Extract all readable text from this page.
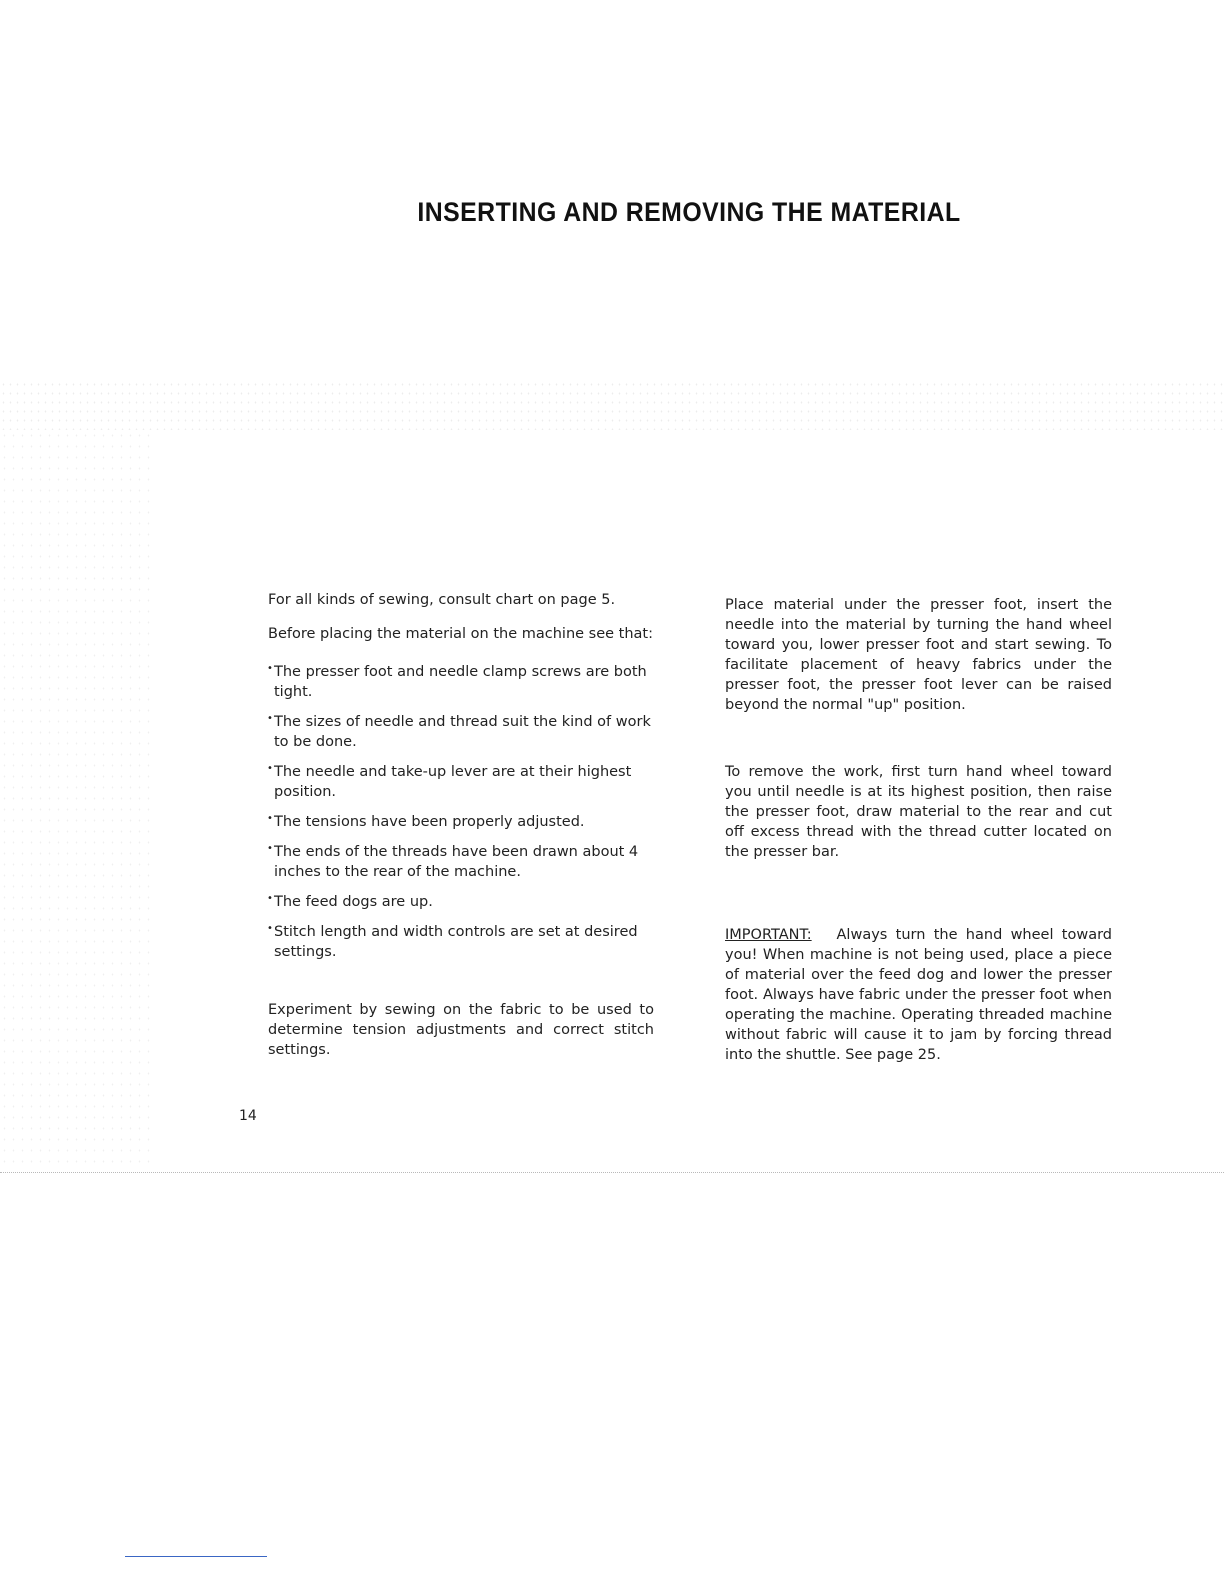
INSERTING AND REMOVING THE MATERIAL

For all kinds of sewing, consult chart on page 5.

Before placing the material on the machine see that:

• The presser foot and needle clamp screws are both tight.
• The sizes of needle and thread suit the kind of work to be done.
• The needle and take-up lever are at their highest position.
• The tensions have been properly adjusted.
• The ends of the threads have been drawn about 4 inches to the rear of the machine.
• The feed dogs are up.
• Stitch length and width controls are set at desired settings.

Experiment by sewing on the fabric to be used to determine tension adjustments and correct stitch settings.

Place material under the presser foot, insert the needle into the material by turning the hand wheel toward you, lower presser foot and start sewing. To facilitate placement of heavy fabrics under the presser foot, the presser foot lever can be raised beyond the normal "up" position.

To remove the work, first turn hand wheel toward you until needle is at its highest position, then raise the presser foot, draw material to the rear and cut off excess thread with the thread cutter located on the presser bar.

IMPORTANT: Always turn the hand wheel toward you! When machine is not being used, place a piece of material over the feed dog and lower the presser foot. Always have fabric under the presser foot when operating the machine. Operating threaded machine without fabric will cause it to jam by forcing thread into the shuttle. See page 25.

14
